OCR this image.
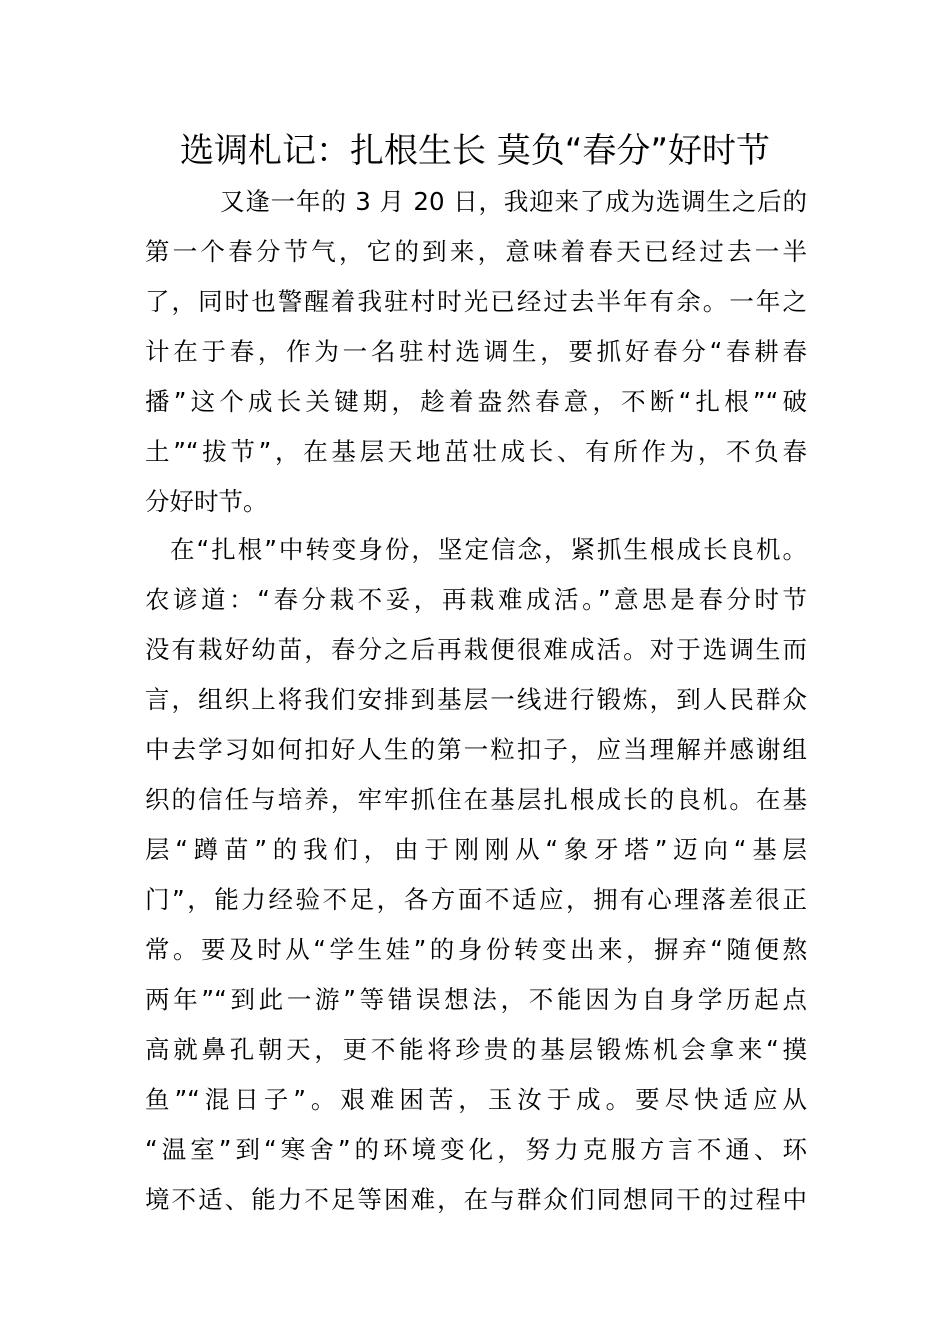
选调札记：扎根生长 莫负“春分”好时节
又逢一年的 3 月 20 日，我迎来了成为选调生之后的
第一个春分节气，它的到来，意味着春天已经过去一半
了，同时也警醒着我驻村时光已经过去半年有余。一年之
计在于春，作为一名驻村选调生，要抓好春分“春耕春
播”这个成长关键期，趁着盎然春意，不断“扎根”“破
土”“拔节”，在基层天地茁壮成长、有所作为，不负春
分好时节。
在“扎根”中转变身份，坚定信念，紧抓生根成长良机。
农谚道：“春分栽不妥，再栽难成活。”意思是春分时节
没有栽好幼苗，春分之后再栽便很难成活。对于选调生而
言，组织上将我们安排到基层一线进行锻炼，到人民群众
中去学习如何扣好人生的第一粒扣子，应当理解并感谢组
织的信任与培养，牢牢抓住在基层扎根成长的良机。在基
层“蹲苗”的我们，由于刚刚从“象牙塔”迈向“基层
门”，能力经验不足，各方面不适应，拥有心理落差很正
常。要及时从“学生娃”的身份转变出来，摒弃“随便熬
两年”“到此一游”等错误想法，不能因为自身学历起点
高就鼻孔朝天，更不能将珍贵的基层锻炼机会拿来“摸
鱼”“混日子”。艰难困苦，玉汝于成。要尽快适应从
“温室”到“寒舍”的环境变化，努力克服方言不通、环
境不适、能力不足等困难，在与群众们同想同干的过程中
